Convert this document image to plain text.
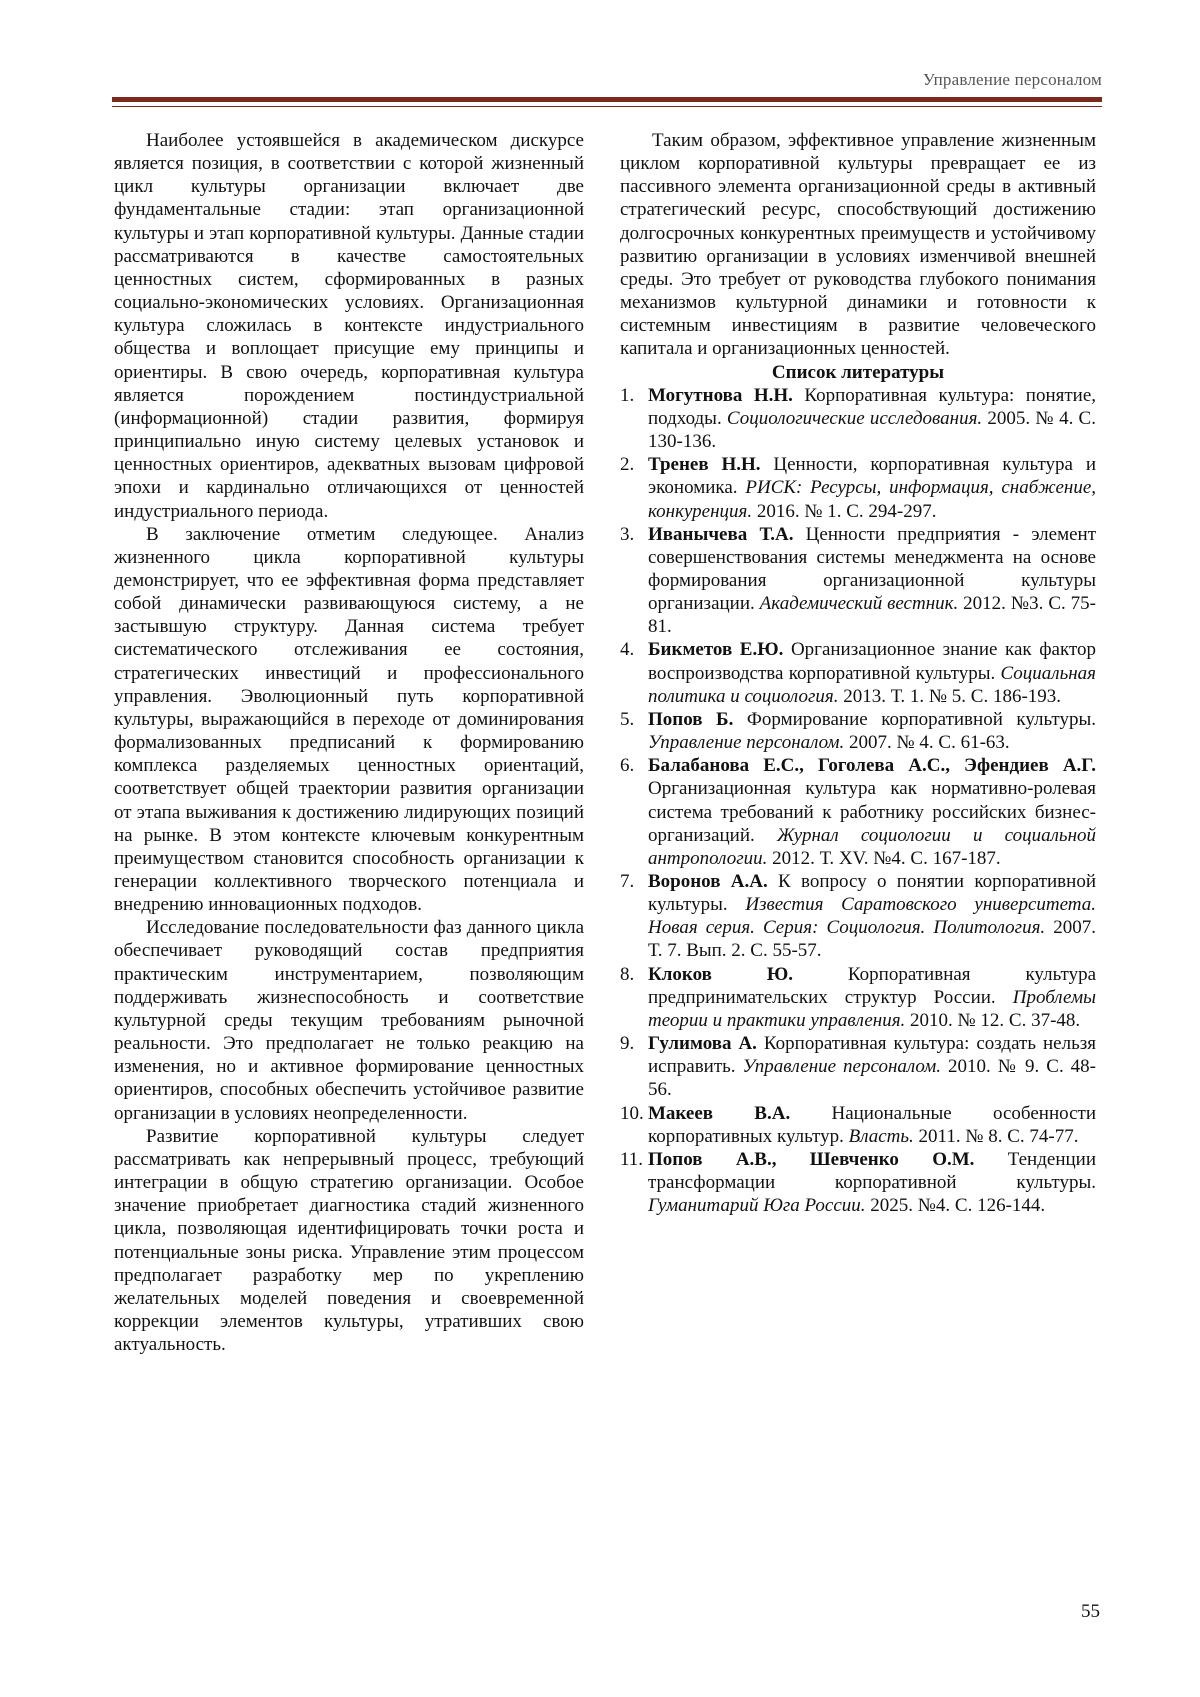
Управление персоналом

Наиболее устоявшейся в академическом дискурсе является позиция, в соответствии с которой жизненный цикл культуры организации включает две фундаментальные стадии: этап организационной культуры и этап корпоративной культуры. Данные стадии рассматриваются в качестве самостоятельных ценностных систем, сформированных в разных социально-экономических условиях. Организационная культура сложилась в контексте индустриального общества и воплощает присущие ему принципы и ориентиры. В свою очередь, корпоративная культура является порождением постиндустриальной (информационной) стадии развития, формируя принципиально иную систему целевых установок и ценностных ориентиров, адекватных вызовам цифровой эпохи и кардинально отличающихся от ценностей индустриального периода.

В заключение отметим следующее. Анализ жизненного цикла корпоративной культуры демонстрирует, что ее эффективная форма представляет собой динамически развивающуюся систему, а не застывшую структуру. Данная система требует систематического отслеживания ее состояния, стратегических инвестиций и профессионального управления. Эволюционный путь корпоративной культуры, выражающийся в переходе от доминирования формализованных предписаний к формированию комплекса разделяемых ценностных ориентаций, соответствует общей траектории развития организации от этапа выживания к достижению лидирующих позиций на рынке. В этом контексте ключевым конкурентным преимуществом становится способность организации к генерации коллективного творческого потенциала и внедрению инновационных подходов.

Исследование последовательности фаз данного цикла обеспечивает руководящий состав предприятия практическим инструментарием, позволяющим поддерживать жизнеспособность и соответствие культурной среды текущим требованиям рыночной реальности. Это предполагает не только реакцию на изменения, но и активное формирование ценностных ориентиров, способных обеспечить устойчивое развитие организации в условиях неопределенности.

Развитие корпоративной культуры следует рассматривать как непрерывный процесс, требующий интеграции в общую стратегию организации. Особое значение приобретает диагностика стадий жизненного цикла, позволяющая идентифицировать точки роста и потенциальные зоны риска. Управление этим процессом предполагает разработку мер по укреплению желательных моделей поведения и своевременной коррекции элементов культуры, утративших свою актуальность.

Таким образом, эффективное управление жизненным циклом корпоративной культуры превращает ее из пассивного элемента организационной среды в активный стратегический ресурс, способствующий достижению долгосрочных конкурентных преимуществ и устойчивому развитию организации в условиях изменчивой внешней среды. Это требует от руководства глубокого понимания механизмов культурной динамики и готовности к системным инвестициям в развитие человеческого капитала и организационных ценностей.

Список литературы
1. Могутнова Н.Н. Корпоративная культура: понятие, подходы. Социологические исследования. 2005. № 4. С. 130-136.
2. Тренев Н.Н. Ценности, корпоративная культура и экономика. РИСК: Ресурсы, информация, снабжение, конкуренция. 2016. № 1. С. 294-297.
3. Иванычева Т.А. Ценности предприятия - элемент совершенствования системы менеджмента на основе формирования организационной культуры организации. Академический вестник. 2012. №3. С. 75-81.
4. Бикметов Е.Ю. Организационное знание как фактор воспроизводства корпоративной культуры. Социальная политика и социология. 2013. Т. 1. № 5. С. 186-193.
5. Попов Б. Формирование корпоративной культуры. Управление персоналом. 2007. № 4. С. 61-63.
6. Балабанова Е.С., Гоголева А.С., Эфендиев А.Г. Организационная культура как нормативно-ролевая система требований к работнику российских бизнес-организаций. Журнал социологии и социальной антропологии. 2012. Т. XV. №4. С. 167-187.
7. Воронов А.А. К вопросу о понятии корпоративной культуры. Известия Саратовского университета. Новая серия. Серия: Социология. Политология. 2007. Т. 7. Вып. 2. С. 55-57.
8. Клоков Ю. Корпоративная культура предпринимательских структур России. Проблемы теории и практики управления. 2010. № 12. С. 37-48.
9. Гулимова А. Корпоративная культура: создать нельзя исправить. Управление персоналом. 2010. № 9. С. 48-56.
10. Макеев В.А. Национальные особенности корпоративных культур. Власть. 2011. № 8. С. 74-77.
11. Попов А.В., Шевченко О.М. Тенденции трансформации корпоративной культуры. Гуманитарий Юга России. 2025. №4. С. 126-144.
55
